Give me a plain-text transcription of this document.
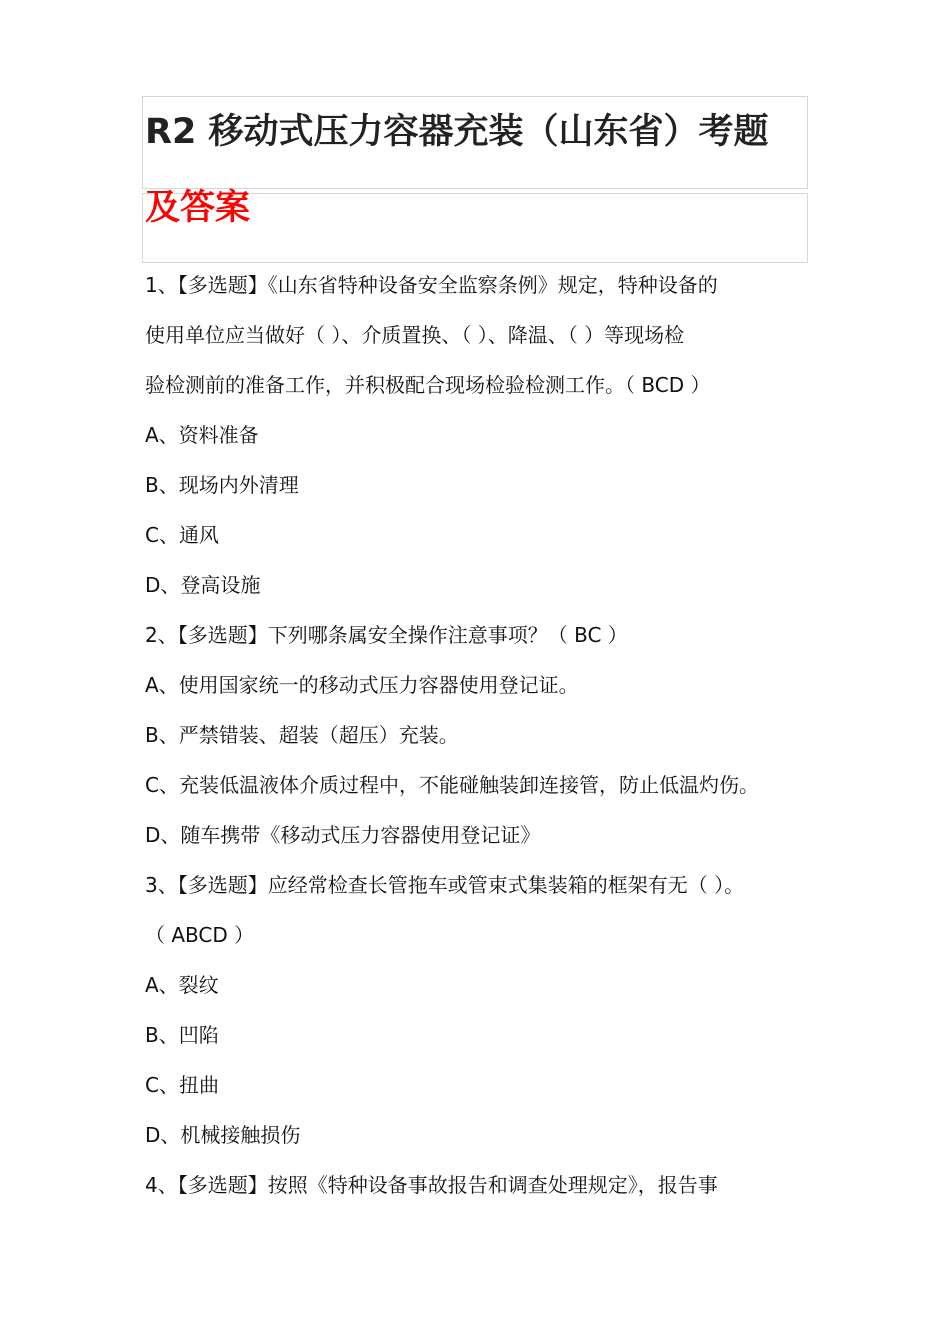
R2 移动式压力容器充装（山东省）考题
及答案
1、【多选题】《山东省特种设备安全监察条例》规定，特种设备的
使用单位应当做好（ ）、介质置换、（ ）、降温、（ ）等现场检
验检测前的准备工作，并积极配合现场检验检测工作。（ BCD ）
A、资料准备
B、现场内外清理
C、通风
D、登高设施
2、【多选题】下列哪条属安全操作注意事项？（ BC ）
A、使用国家统一的移动式压力容器使用登记证。
B、严禁错装、超装（超压）充装。
C、充装低温液体介质过程中，不能碰触装卸连接管，防止低温灼伤。
D、随车携带《移动式压力容器使用登记证》
3、【多选题】应经常检查长管拖车或管束式集装箱的框架有无（ ）。
（ ABCD ）
A、裂纹
B、凹陷
C、扭曲
D、机械接触损伤
4、【多选题】按照《特种设备事故报告和调查处理规定》，报告事
